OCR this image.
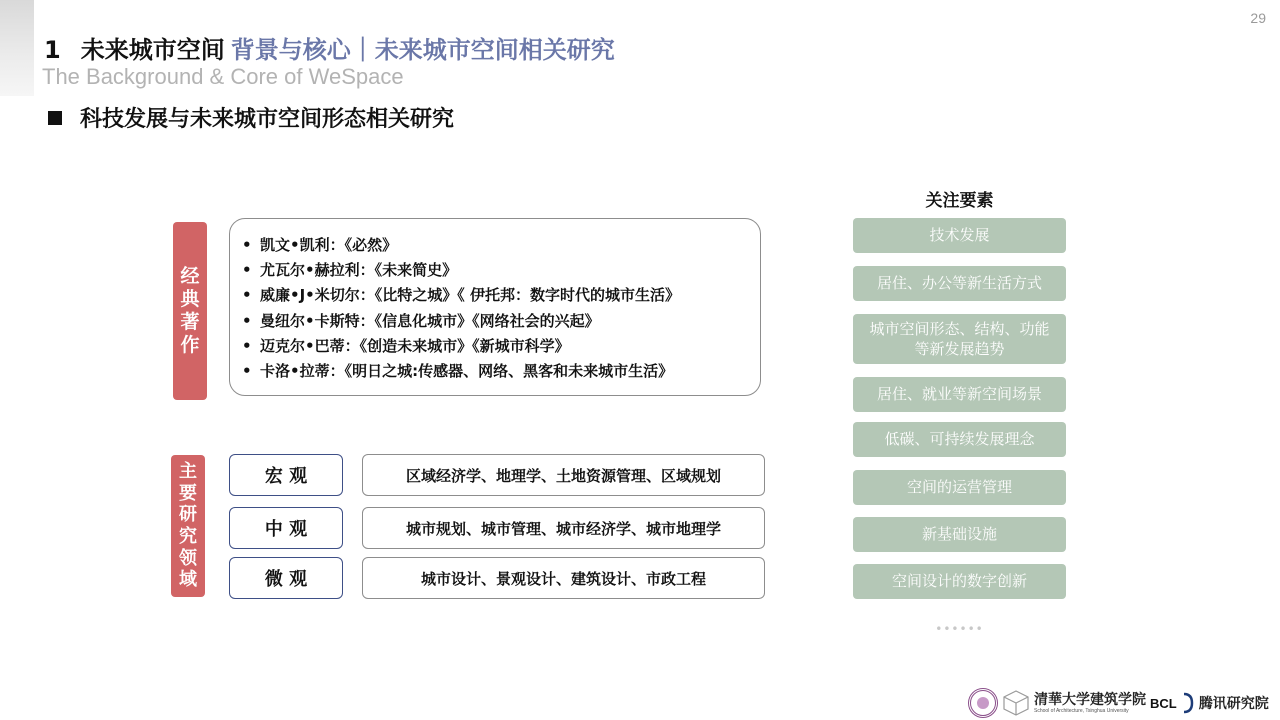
29
1 未来城市空间 背景与核心｜未来城市空间相关研究
The Background & Core of WeSpace
科技发展与未来城市空间形态相关研究
经
典
著
作
• 凯文•凯利：《必然》
• 尤瓦尔•赫拉利：《未来简史》
• 威廉•J•米切尔：《比特之城》《 伊托邦：数字时代的城市生活》
• 曼纽尔•卡斯特：《信息化城市》《网络社会的兴起》
• 迈克尔•巴蒂：《创造未来城市》《新城市科学》
• 卡洛•拉蒂：《明日之城:传感器、网络、黑客和未来城市生活》
主
要
研
究
领
域
宏 观	区域经济学、地理学、土地资源管理、区域规划
中 观	城市规划、城市管理、城市经济学、城市地理学
微 观	城市设计、景观设计、建筑设计、市政工程
关注要素
技术发展
居住、办公等新生活方式
城市空间形态、结构、功能等新发展趋势
居住、就业等新空间场景
低碳、可持续发展理念
空间的运营管理
新基础设施
空间设计的数字创新
••••••
清華大学建筑学院
School of Architecture, Tsinghua University	BCL 腾讯研究院
